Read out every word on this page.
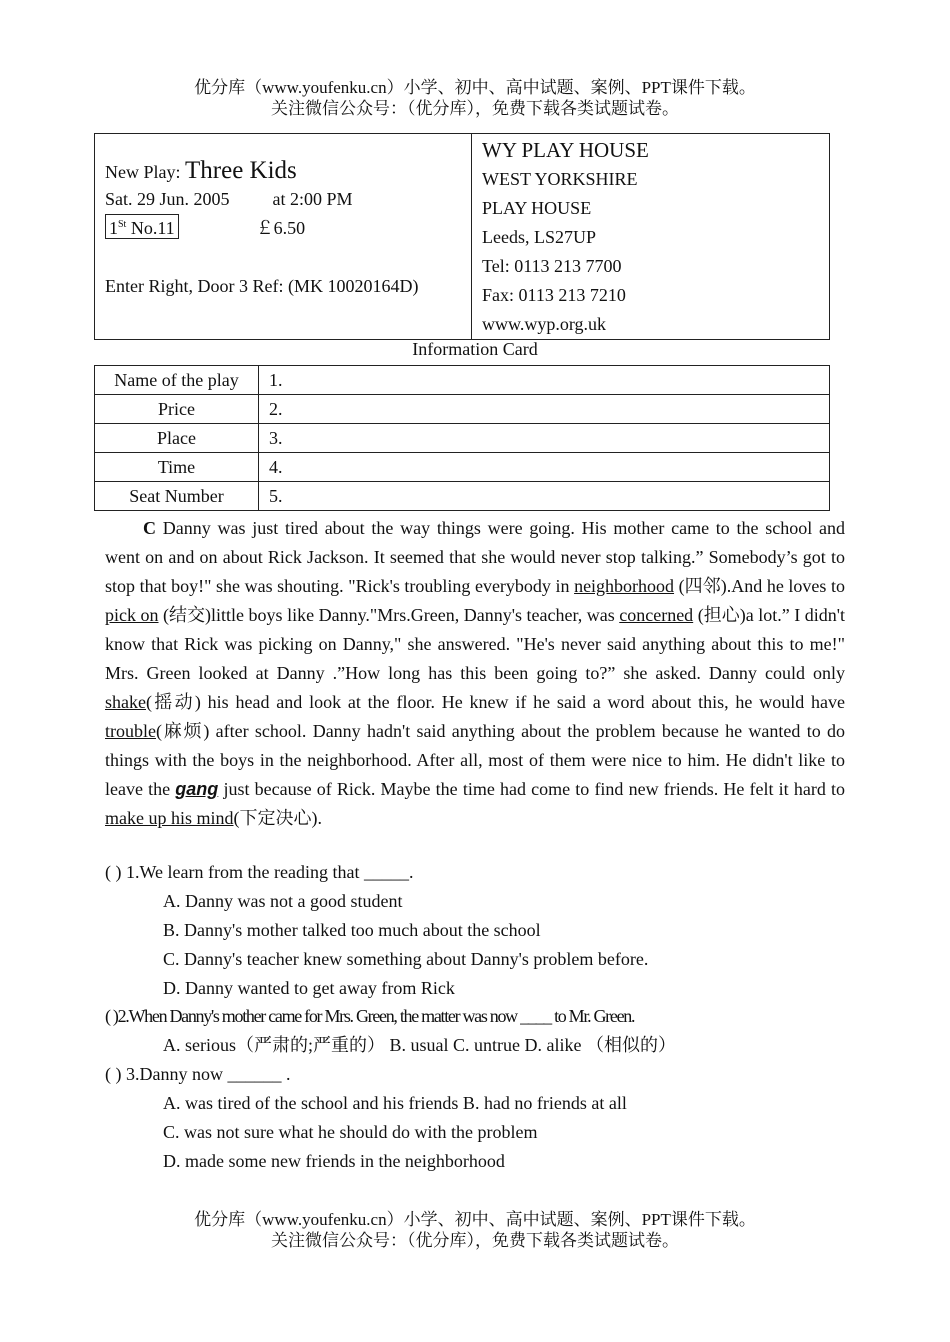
优分库（www.youfenku.cn）小学、初中、高中试题、案例、PPT课件下载。
关注微信公众号：（优分库），免费下载各类试题试卷。
New Play: Three Kids
Sat. 29 Jun. 2005 at 2:00 PM
1St No.11	￡6.50
Enter Right, Door 3 Ref: (MK 10020164D)

WY PLAY HOUSE
WEST YORKSHIRE
PLAY HOUSE
Leeds, LS27UP
Tel: 0113 213 7700
Fax: 0113 213 7210
www.wyp.org.uk
Information Card
Name of the play	1.
Price	2.
Place	3.
Time	4.
Seat Number	5.
C Danny was just tired about the way things were going. His mother came to the school and went on and on about Rick Jackson. It seemed that she would never stop talking.” Somebody’s got to stop that boy!" she was shouting. "Rick's troubling everybody in neighborhood (四邻).And he loves to pick on (结交)little boys like Danny."Mrs.Green, Danny's teacher, was concerned (担心)a lot.” I didn't know that Rick was picking on Danny," she answered. "He's never said anything about this to me!" Mrs. Green looked at Danny .”How long has this been going to?” she asked. Danny could only shake(摇动) his head and look at the floor. He knew if he said a word about this, he would have trouble(麻烦) after school. Danny hadn't said anything about the problem because he wanted to do things with the boys in the neighborhood. After all, most of them were nice to him. He didn't like to leave the gang just because of Rick. Maybe the time had come to find new friends. He felt it hard to make up his mind(下定决心).
( ) 1.We learn from the reading that _____.
A. Danny was not a good student
B. Danny's mother talked too much about the school
C. Danny's teacher knew something about Danny's problem before.
D. Danny wanted to get away from Rick
( )2.When Danny's mother came for Mrs. Green, the matter was now ____ to Mr. Green.
A. serious（严肃的;严重的） B. usual C. untrue D. alike （相似的）
( ) 3.Danny now ______ .
A. was tired of the school and his friends B. had no friends at all
C. was not sure what he should do with the problem
D. made some new friends in the neighborhood
优分库（www.youfenku.cn）小学、初中、高中试题、案例、PPT课件下载。
关注微信公众号：（优分库），免费下载各类试题试卷。
